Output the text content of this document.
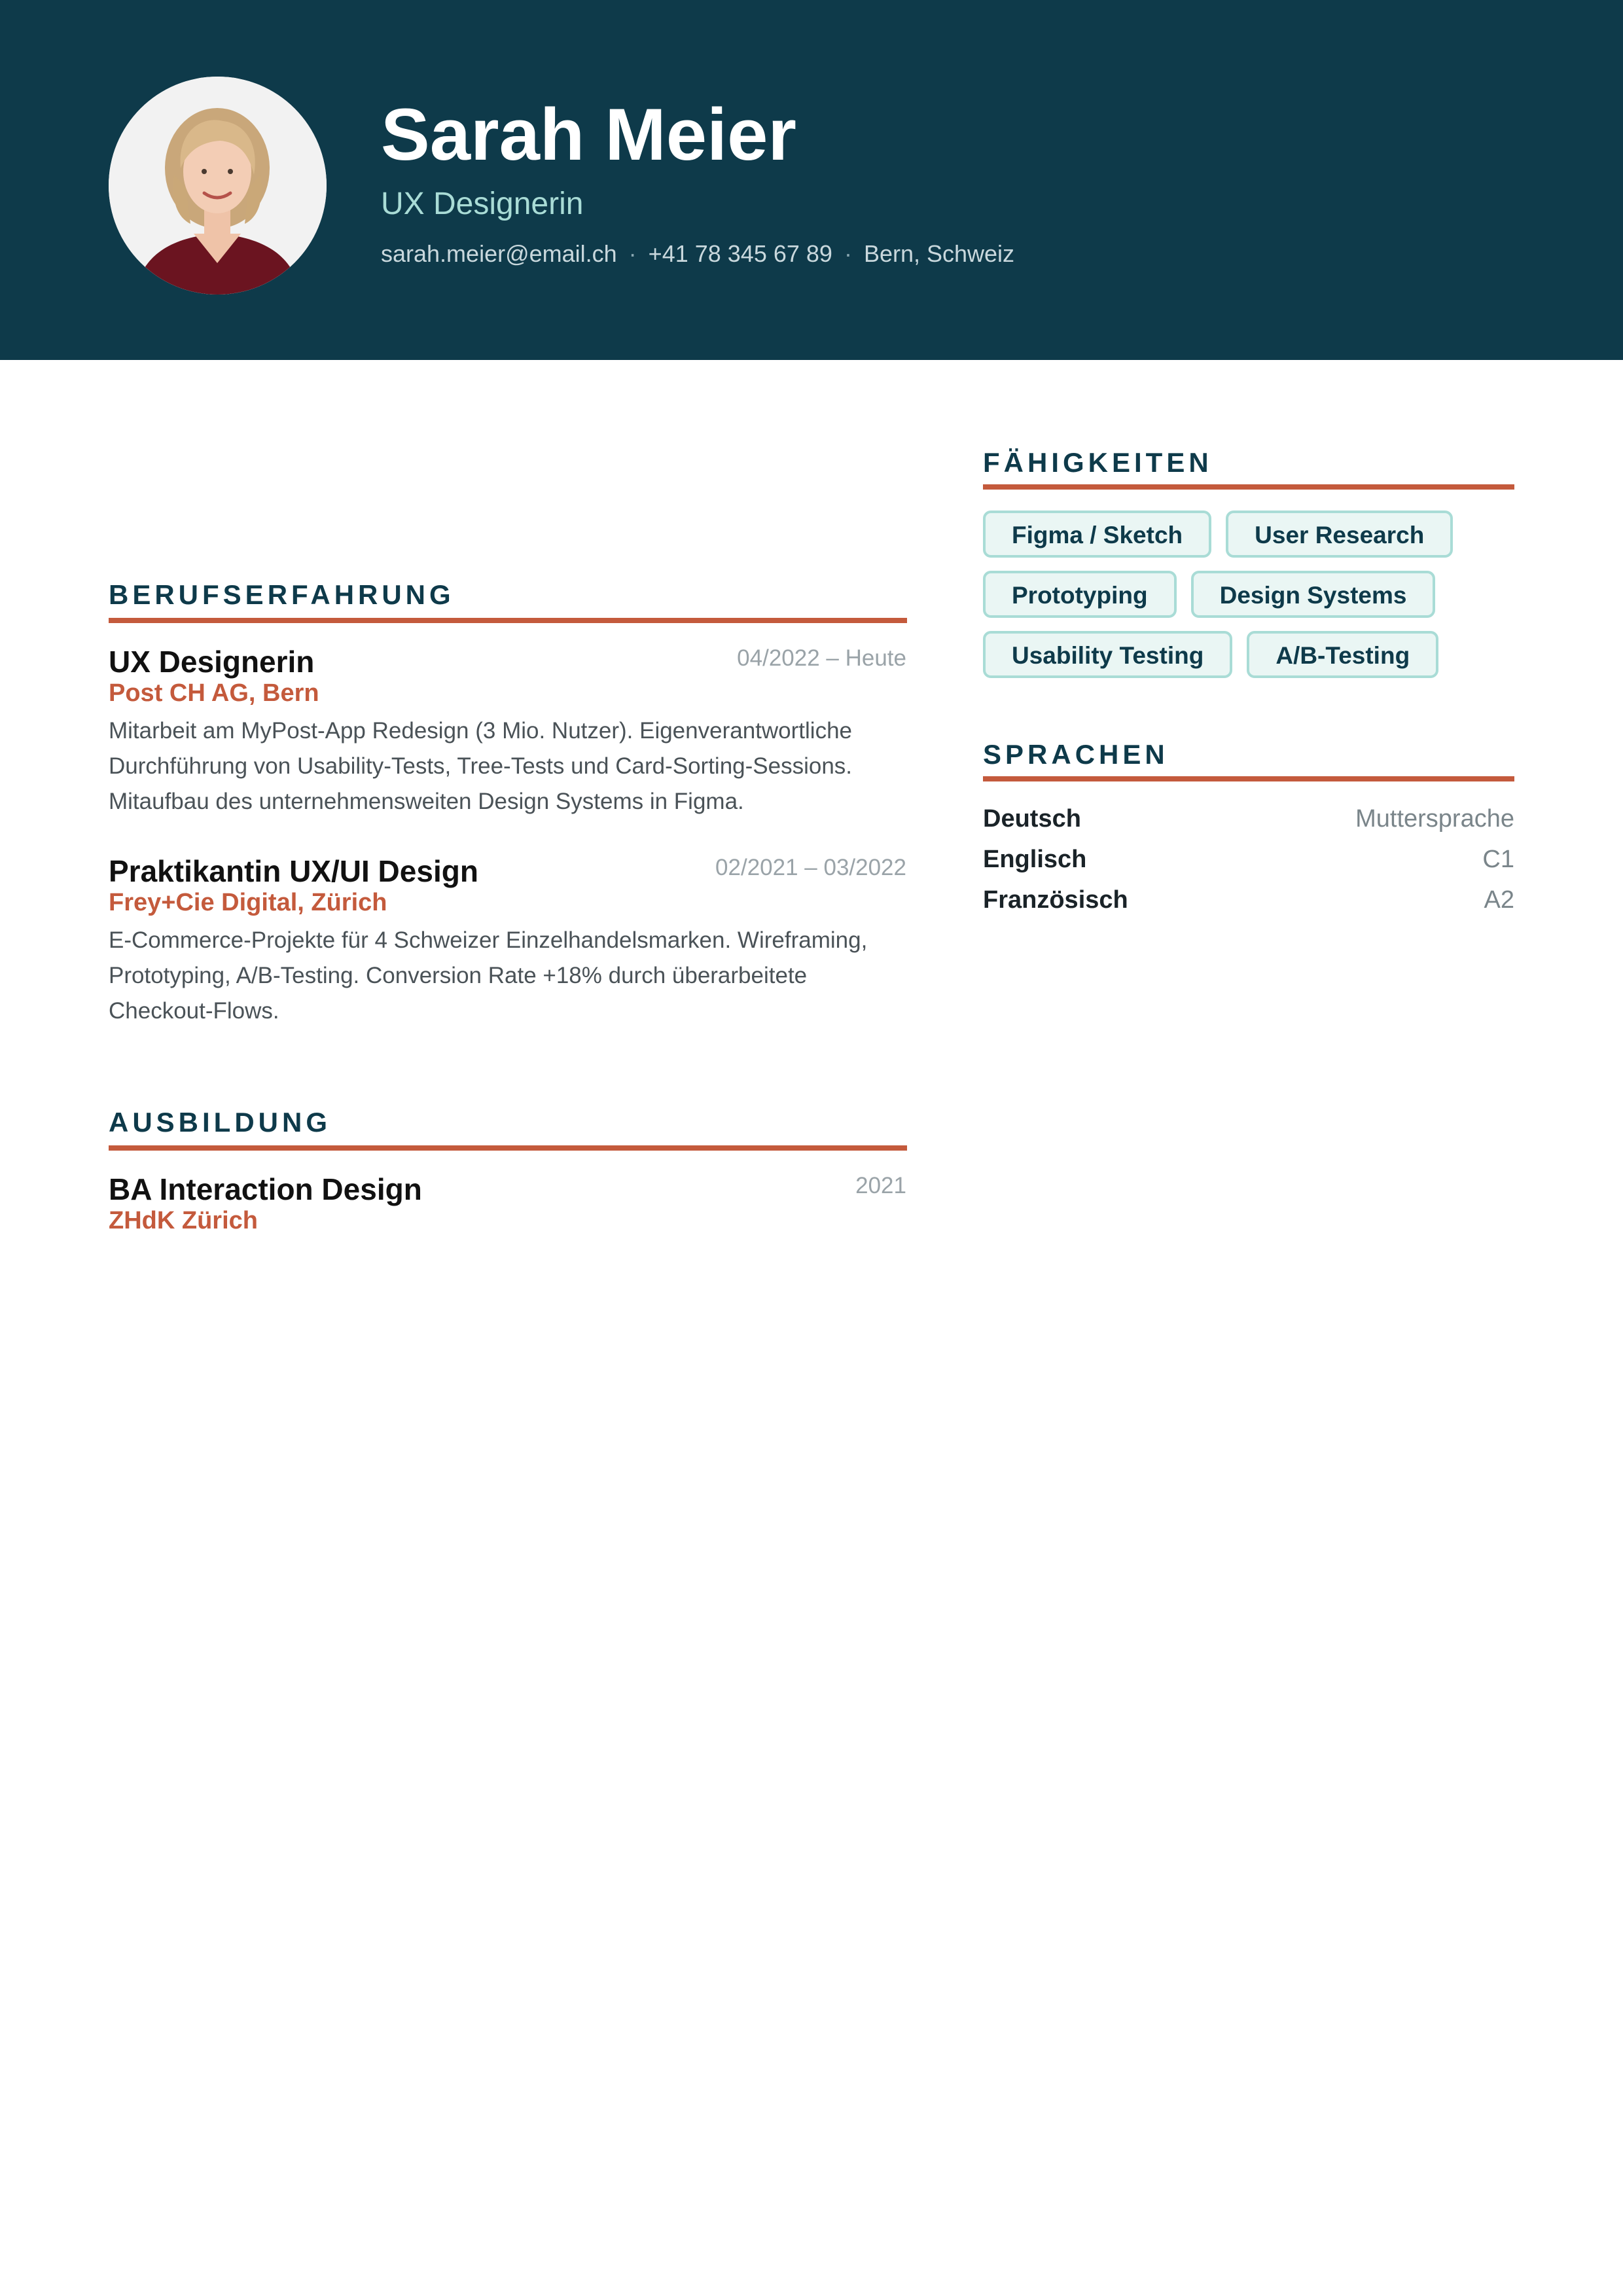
Sarah Meier
UX Designerin
sarah.meier@email.ch · +41 78 345 67 89 · Bern, Schweiz
BERUFSERFAHRUNG
UX Designerin	04/2022 – Heute
Post CH AG, Bern
Mitarbeit am MyPost-App Redesign (3 Mio. Nutzer). Eigenverantwortliche Durchführung von Usability-Tests, Tree-Tests und Card-Sorting-Sessions. Mitaufbau des unternehmensweiten Design Systems in Figma.
Praktikantin UX/UI Design	02/2021 – 03/2022
Frey+Cie Digital, Zürich
E-Commerce-Projekte für 4 Schweizer Einzelhandelsmarken. Wireframing, Prototyping, A/B-Testing. Conversion Rate +18% durch überarbeitete Checkout-Flows.
AUSBILDUNG
BA Interaction Design	2021
ZHdK Zürich
FÄHIGKEITEN
Figma / Sketch	User Research
Prototyping	Design Systems
Usability Testing	A/B-Testing
SPRACHEN
Deutsch	Muttersprache
Englisch	C1
Französisch	A2
